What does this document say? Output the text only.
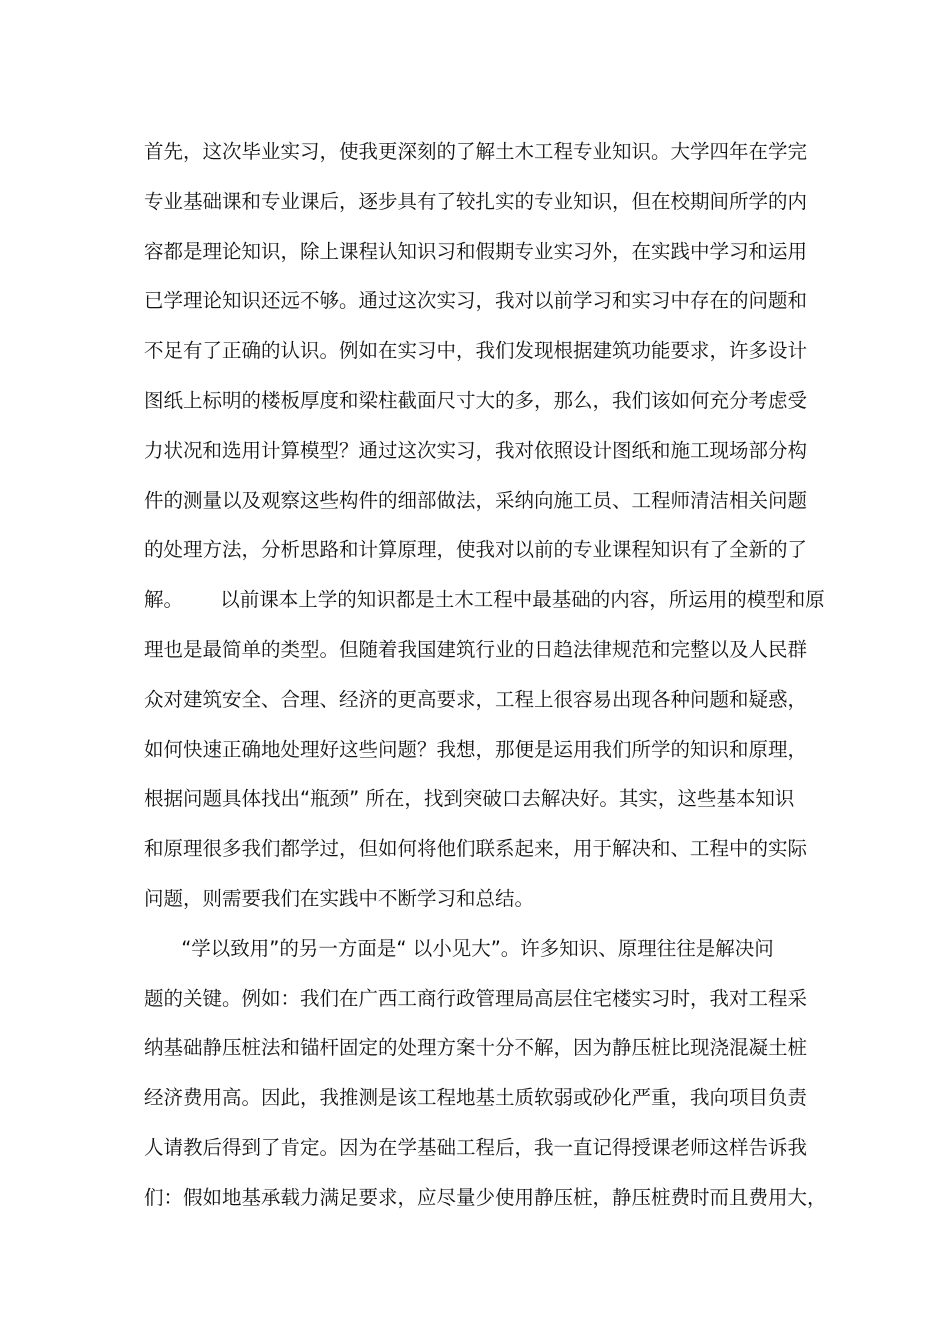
首先，这次毕业实习，使我更深刻的了解土木工程专业知识。大学四年在学完
专业基础课和专业课后，逐步具有了较扎实的专业知识，但在校期间所学的内
容都是理论知识，除上课程认知识习和假期专业实习外，在实践中学习和运用
已学理论知识还远不够。通过这次实习，我对以前学习和实习中存在的问题和
不足有了正确的认识。例如在实习中，我们发现根据建筑功能要求，许多设计
图纸上标明的楼板厚度和梁柱截面尺寸大的多，那么，我们该如何充分考虑受
力状况和选用计算模型？通过这次实习，我对依照设计图纸和施工现场部分构
件的测量以及观察这些构件的细部做法，采纳向施工员、工程师清洁相关问题
的处理方法，分析思路和计算原理，使我对以前的专业课程知识有了全新的了
解。      以前课本上学的知识都是土木工程中最基础的内容，所运用的模型和原
理也是最简单的类型。但随着我国建筑行业的日趋法律规范和完整以及人民群
众对建筑安全、合理、经济的更高要求，工程上很容易出现各种问题和疑惑，
如何快速正确地处理好这些问题？我想，那便是运用我们所学的知识和原理，
根据问题具体找出“瓶颈” 所在，找到突破口去解决好。其实，这些基本知识
和原理很多我们都学过，但如何将他们联系起来，用于解决和、工程中的实际
问题，则需要我们在实践中不断学习和总结。
“学以致用”的另一方面是“ 以小见大”。许多知识、原理往往是解决问
题的关键。例如：我们在广西工商行政管理局高层住宅楼实习时，我对工程采
纳基础静压桩法和锚杆固定的处理方案十分不解，因为静压桩比现浇混凝土桩
经济费用高。因此，我推测是该工程地基土质软弱或砂化严重，我向项目负责
人请教后得到了肯定。因为在学基础工程后，我一直记得授课老师这样告诉我
们：假如地基承载力满足要求，应尽量少使用静压桩，静压桩费时而且费用大，
